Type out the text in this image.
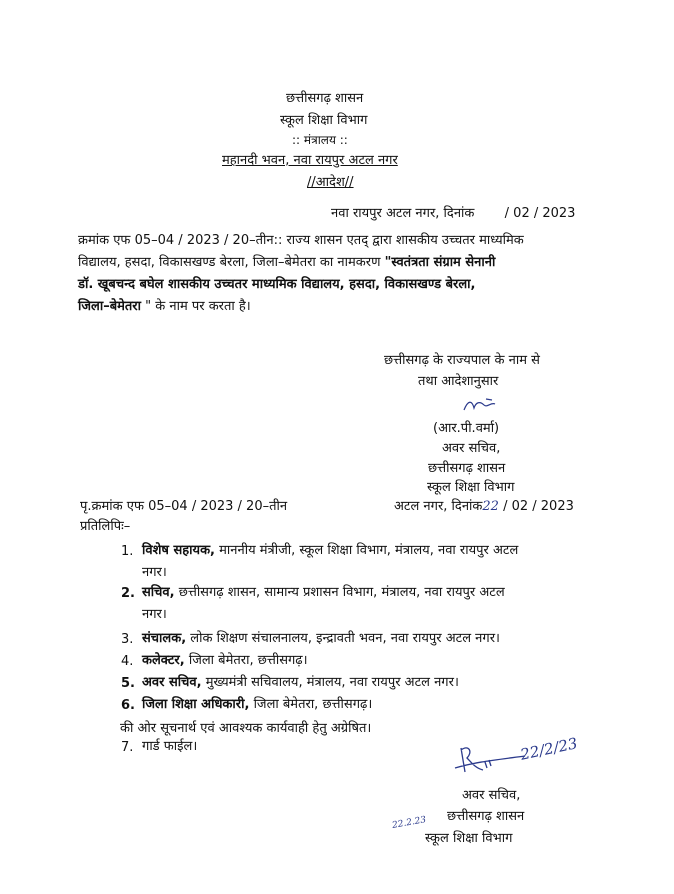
छत्तीसगढ़ शासन
स्कूल शिक्षा विभाग
:: मंत्रालय ::
महानदी भवन, नवा रायपुर अटल नगर
//आदेश//
नवा रायपुर अटल नगर, दिनांक / 02 / 2023
क्रमांक एफ 05–04 / 2023 / 20–तीन:: राज्य शासन एतद् द्वारा शासकीय उच्चतर माध्यमिक
विद्यालय, हसदा, विकासखण्ड बेरला, जिला–बेमेतरा का नामकरण "स्वतंत्रता संग्राम सेनानी
डॉ. खूबचन्द बघेल शासकीय उच्चतर माध्यमिक विद्यालय, हसदा, विकासखण्ड बेरला,
जिला–बेमेतरा " के नाम पर करता है।
छत्तीसगढ़ के राज्यपाल के नाम से
तथा आदेशानुसार
(आर.पी.वर्मा)
अवर सचिव,
छत्तीसगढ़ शासन
स्कूल शिक्षा विभाग
पृ.क्रमांक एफ 05–04 / 2023 / 20–तीन	अटल नगर, दिनांक22 / 02 / 2023
प्रतिलिपिः–
1. विशेष सहायक, माननीय मंत्रीजी, स्कूल शिक्षा विभाग, मंत्रालय, नवा रायपुर अटल
नगर।
2. सचिव, छत्तीसगढ़ शासन, सामान्य प्रशासन विभाग, मंत्रालय, नवा रायपुर अटल
नगर।
3. संचालक, लोक शिक्षण संचालनालय, इन्द्रावती भवन, नवा रायपुर अटल नगर।
4. कलेक्टर, जिला बेमेतरा, छत्तीसगढ़।
5. अवर सचिव, मुख्यमंत्री सचिवालय, मंत्रालय, नवा रायपुर अटल नगर।
6. जिला शिक्षा अधिकारी, जिला बेमेतरा, छत्तीसगढ़।
की ओर सूचनार्थ एवं आवश्यक कार्यवाही हेतु अग्रेषित।
7. गार्ड फाईल।	22/2/23
अवर सचिव,
छत्तीसगढ़ शासन
22.2.23
स्कूल शिक्षा विभाग
